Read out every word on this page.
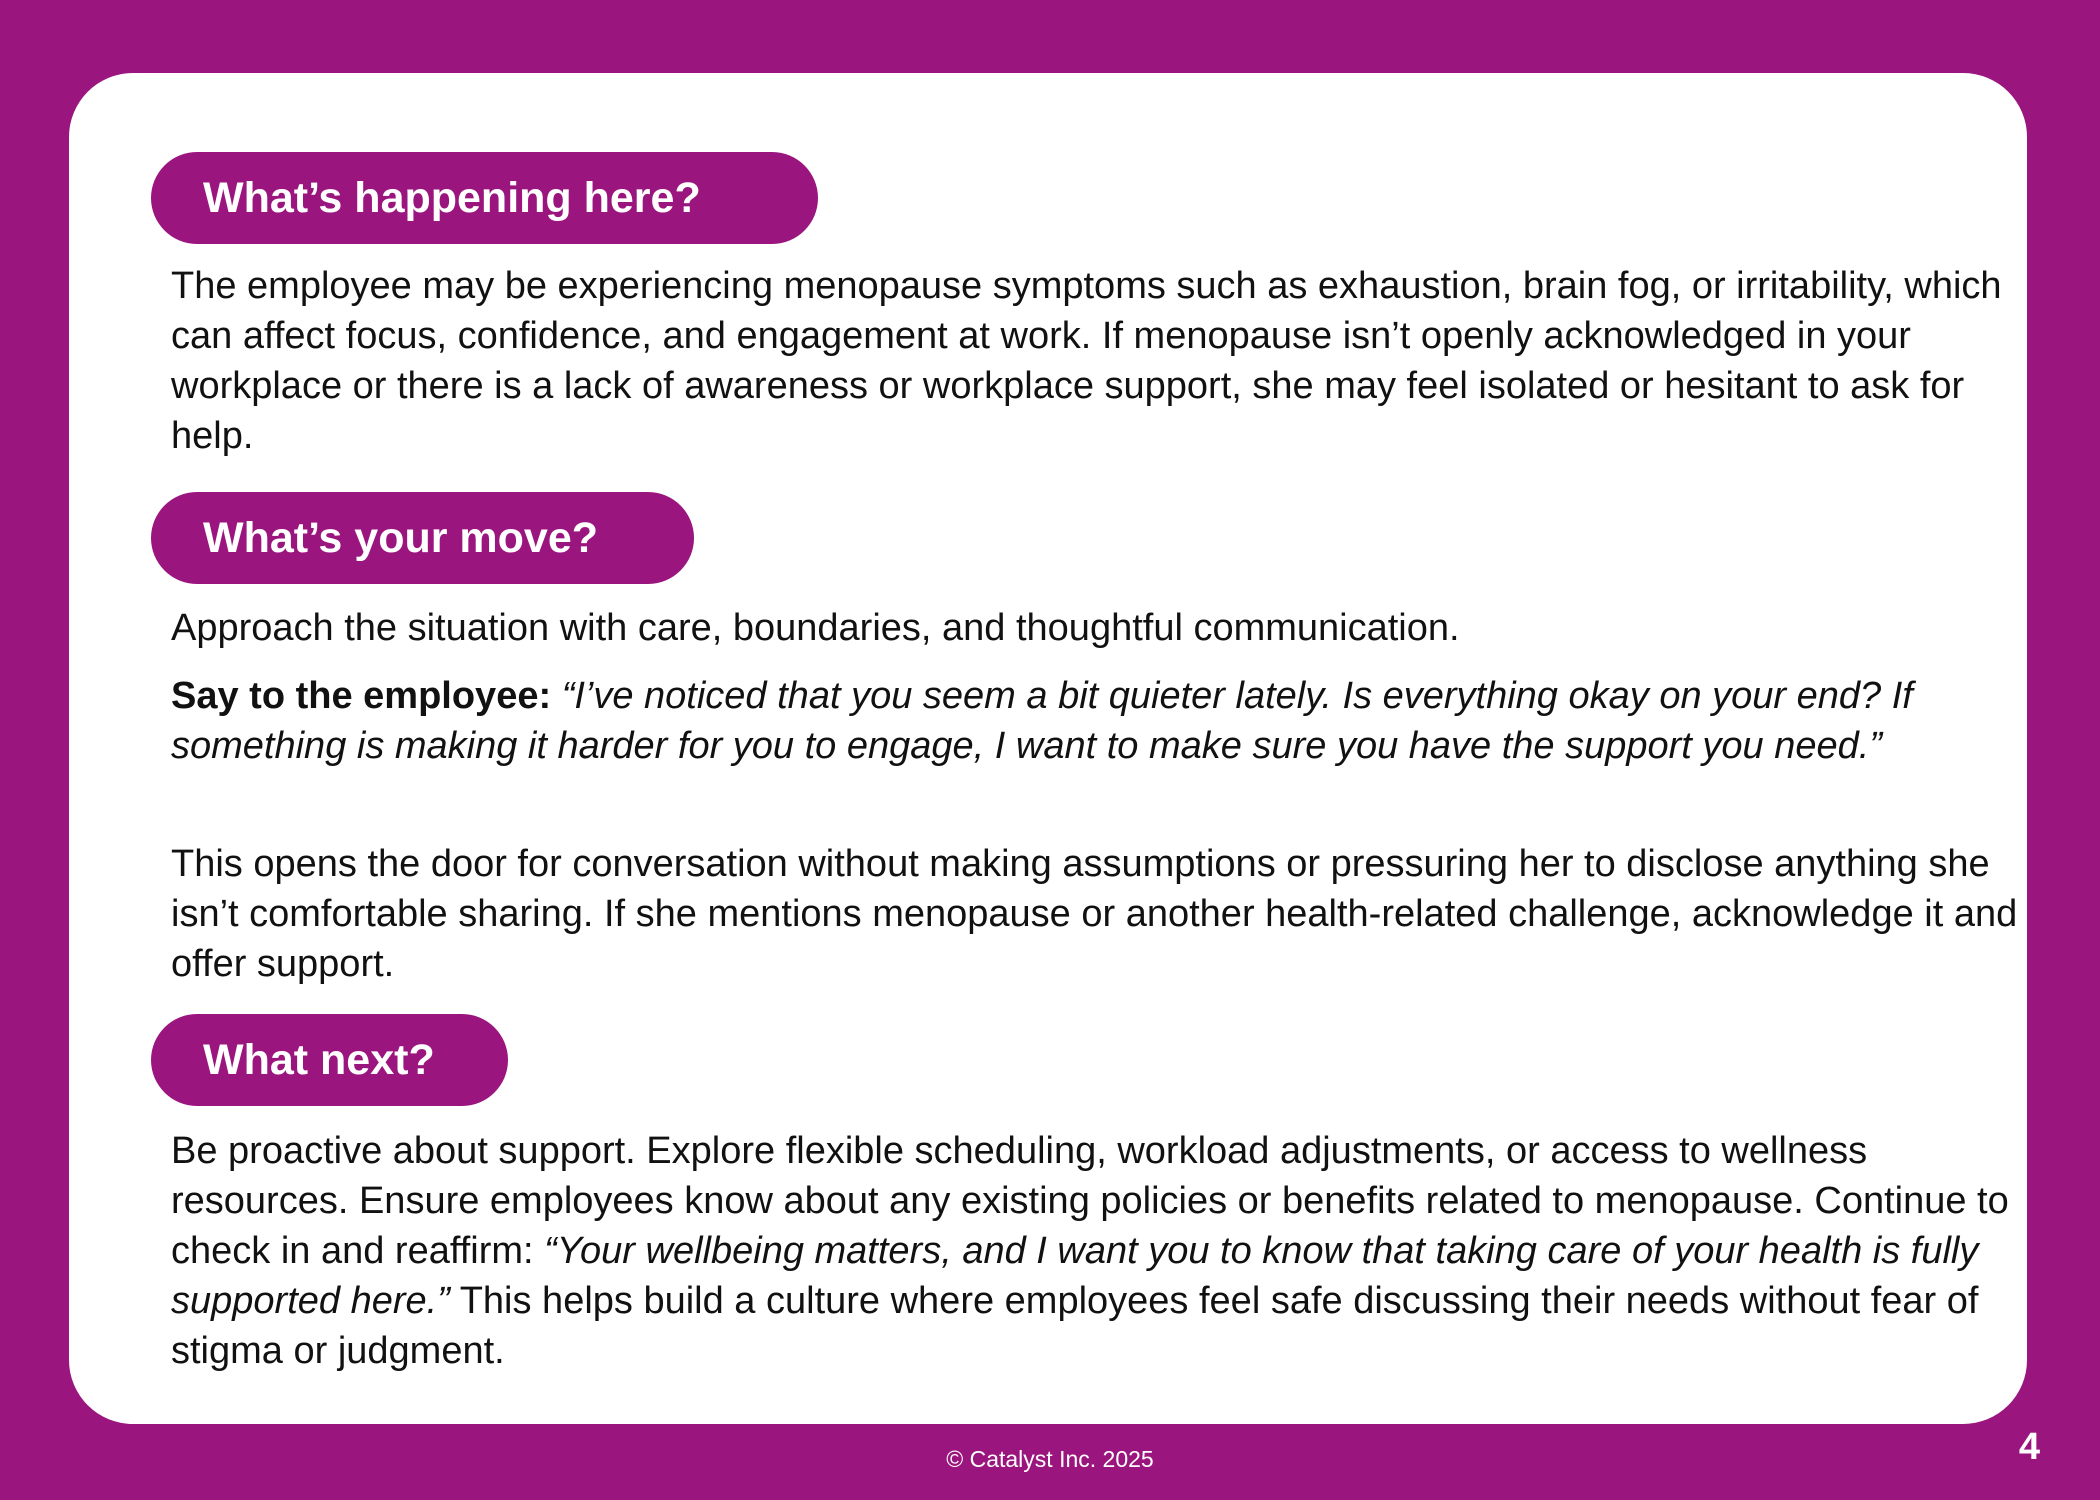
What’s happening here?
The employee may be experiencing menopause symptoms such as exhaustion, brain fog, or irritability, which can affect focus, confidence, and engagement at work. If menopause isn’t openly acknowledged in your workplace or there is a lack of awareness or workplace support, she may feel isolated or hesitant to ask for help.
What’s your move?
Approach the situation with care, boundaries, and thoughtful communication.
Say to the employee: “I’ve noticed that you seem a bit quieter lately. Is everything okay on your end? If something is making it harder for you to engage, I want to make sure you have the support you need.”
This opens the door for conversation without making assumptions or pressuring her to disclose anything she isn’t comfortable sharing. If she mentions menopause or another health-related challenge, acknowledge it and offer support.
What next?
Be proactive about support. Explore flexible scheduling, workload adjustments, or access to wellness resources. Ensure employees know about any existing policies or benefits related to menopause. Continue to check in and reaffirm: “Your wellbeing matters, and I want you to know that taking care of your health is fully supported here.” This helps build a culture where employees feel safe discussing their needs without fear of stigma or judgment.
© Catalyst Inc. 2025	4
